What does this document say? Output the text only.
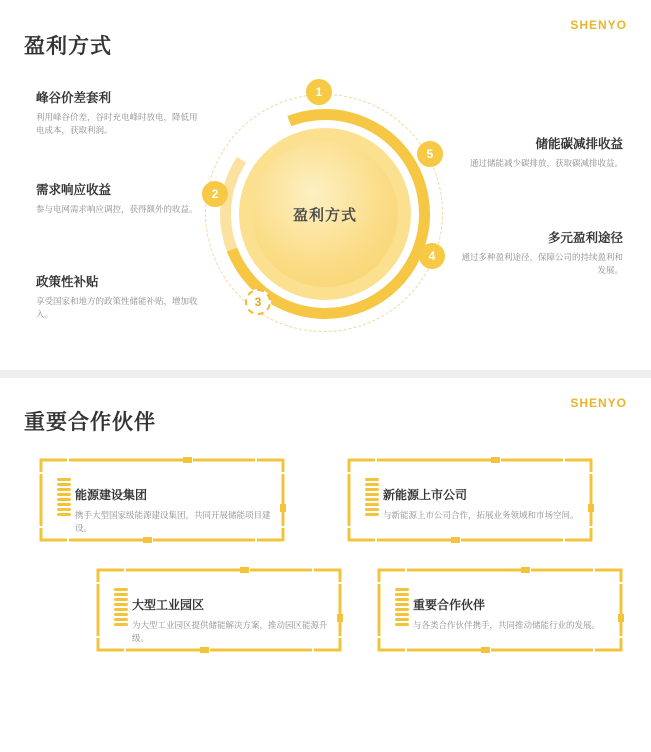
SHENYO
盈利方式
盈利方式
1
2
3
4
5
峰谷价差套利
利用峰谷价差，谷时充电峰时放电，降低用电成本，获取利润。
需求响应收益
参与电网需求响应调控，获得额外的收益。
政策性补贴
享受国家和地方的政策性储能补贴，增加收入。
储能碳减排收益
通过储能减少碳排放，获取碳减排收益。
多元盈利途径
通过多种盈利途径，保障公司的持续盈利和发展。
SHENYO
重要合作伙伴
能源建设集团
携手大型国家级能源建设集团，共同开展储能项目建设。
新能源上市公司
与新能源上市公司合作，拓展业务领域和市场空间。
大型工业园区
为大型工业园区提供储能解决方案，推动园区能源升级。
重要合作伙伴
与各类合作伙伴携手，共同推动储能行业的发展。
